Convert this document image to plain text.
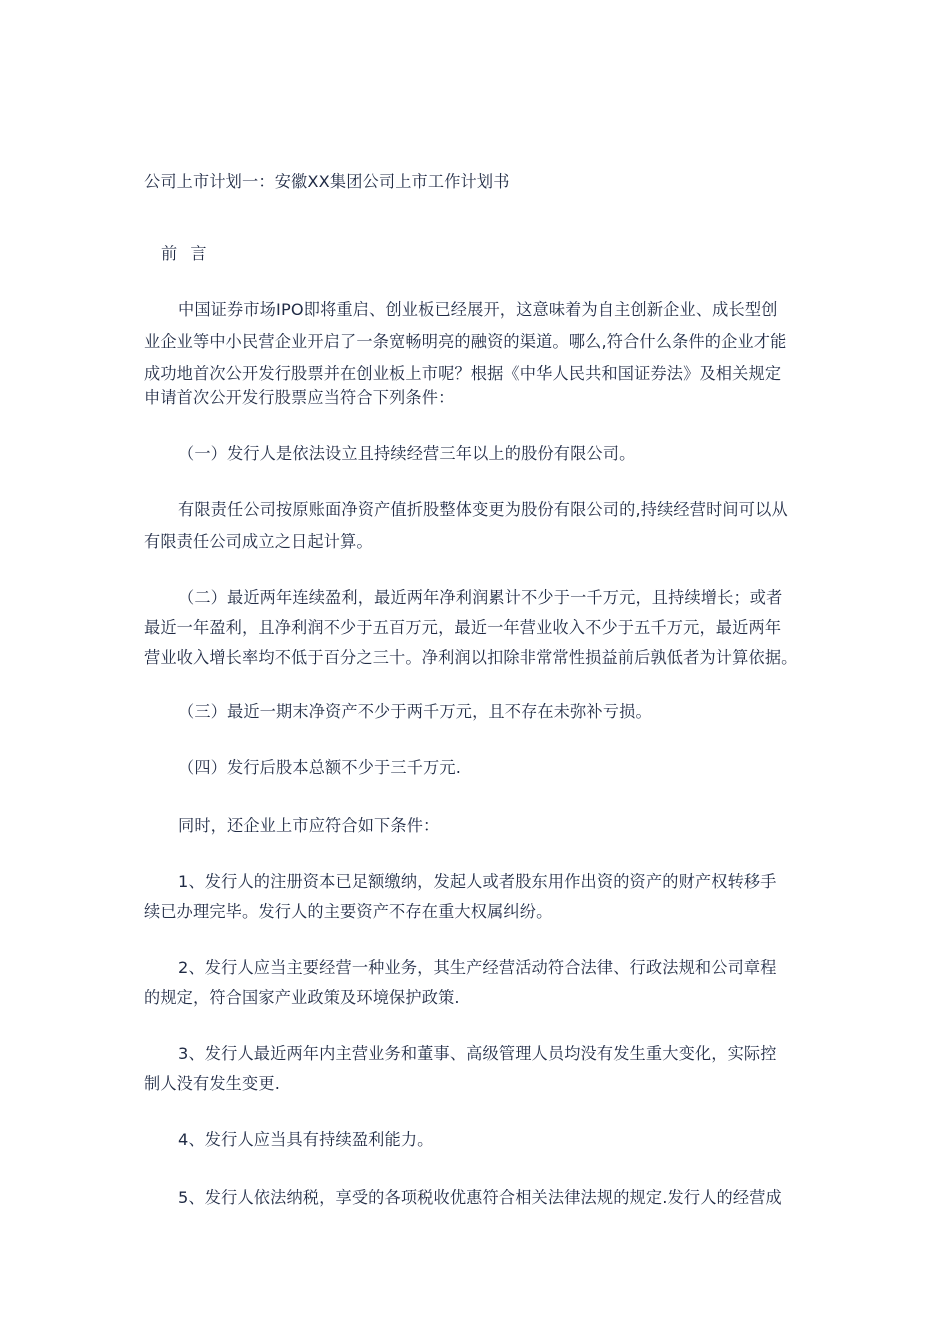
公司上市计划一：安徽XX集团公司上市工作计划书
前 言
中国证券市场IPO即将重启、创业板已经展开，这意味着为自主创新企业、成长型创
业企业等中小民营企业开启了一条宽畅明亮的融资的渠道。哪么,符合什么条件的企业才能
成功地首次公开发行股票并在创业板上市呢？根据《中华人民共和国证券法》及相关规定
申请首次公开发行股票应当符合下列条件：
（一）发行人是依法设立且持续经营三年以上的股份有限公司。
有限责任公司按原账面净资产值折股整体变更为股份有限公司的,持续经营时间可以从
有限责任公司成立之日起计算。
（二）最近两年连续盈利，最近两年净利润累计不少于一千万元，且持续增长；或者
最近一年盈利，且净利润不少于五百万元，最近一年营业收入不少于五千万元，最近两年
营业收入增长率均不低于百分之三十。净利润以扣除非常常性损益前后孰低者为计算依据。
（三）最近一期末净资产不少于两千万元，且不存在未弥补亏损。
（四）发行后股本总额不少于三千万元.
同时，还企业上市应符合如下条件：
1、发行人的注册资本已足额缴纳，发起人或者股东用作出资的资产的财产权转移手
续已办理完毕。发行人的主要资产不存在重大权属纠纷。
2、发行人应当主要经营一种业务，其生产经营活动符合法律、行政法规和公司章程
的规定，符合国家产业政策及环境保护政策.
3、发行人最近两年内主营业务和董事、高级管理人员均没有发生重大变化，实际控
制人没有发生变更.
4、发行人应当具有持续盈利能力。
5、发行人依法纳税，享受的各项税收优惠符合相关法律法规的规定.发行人的经营成
